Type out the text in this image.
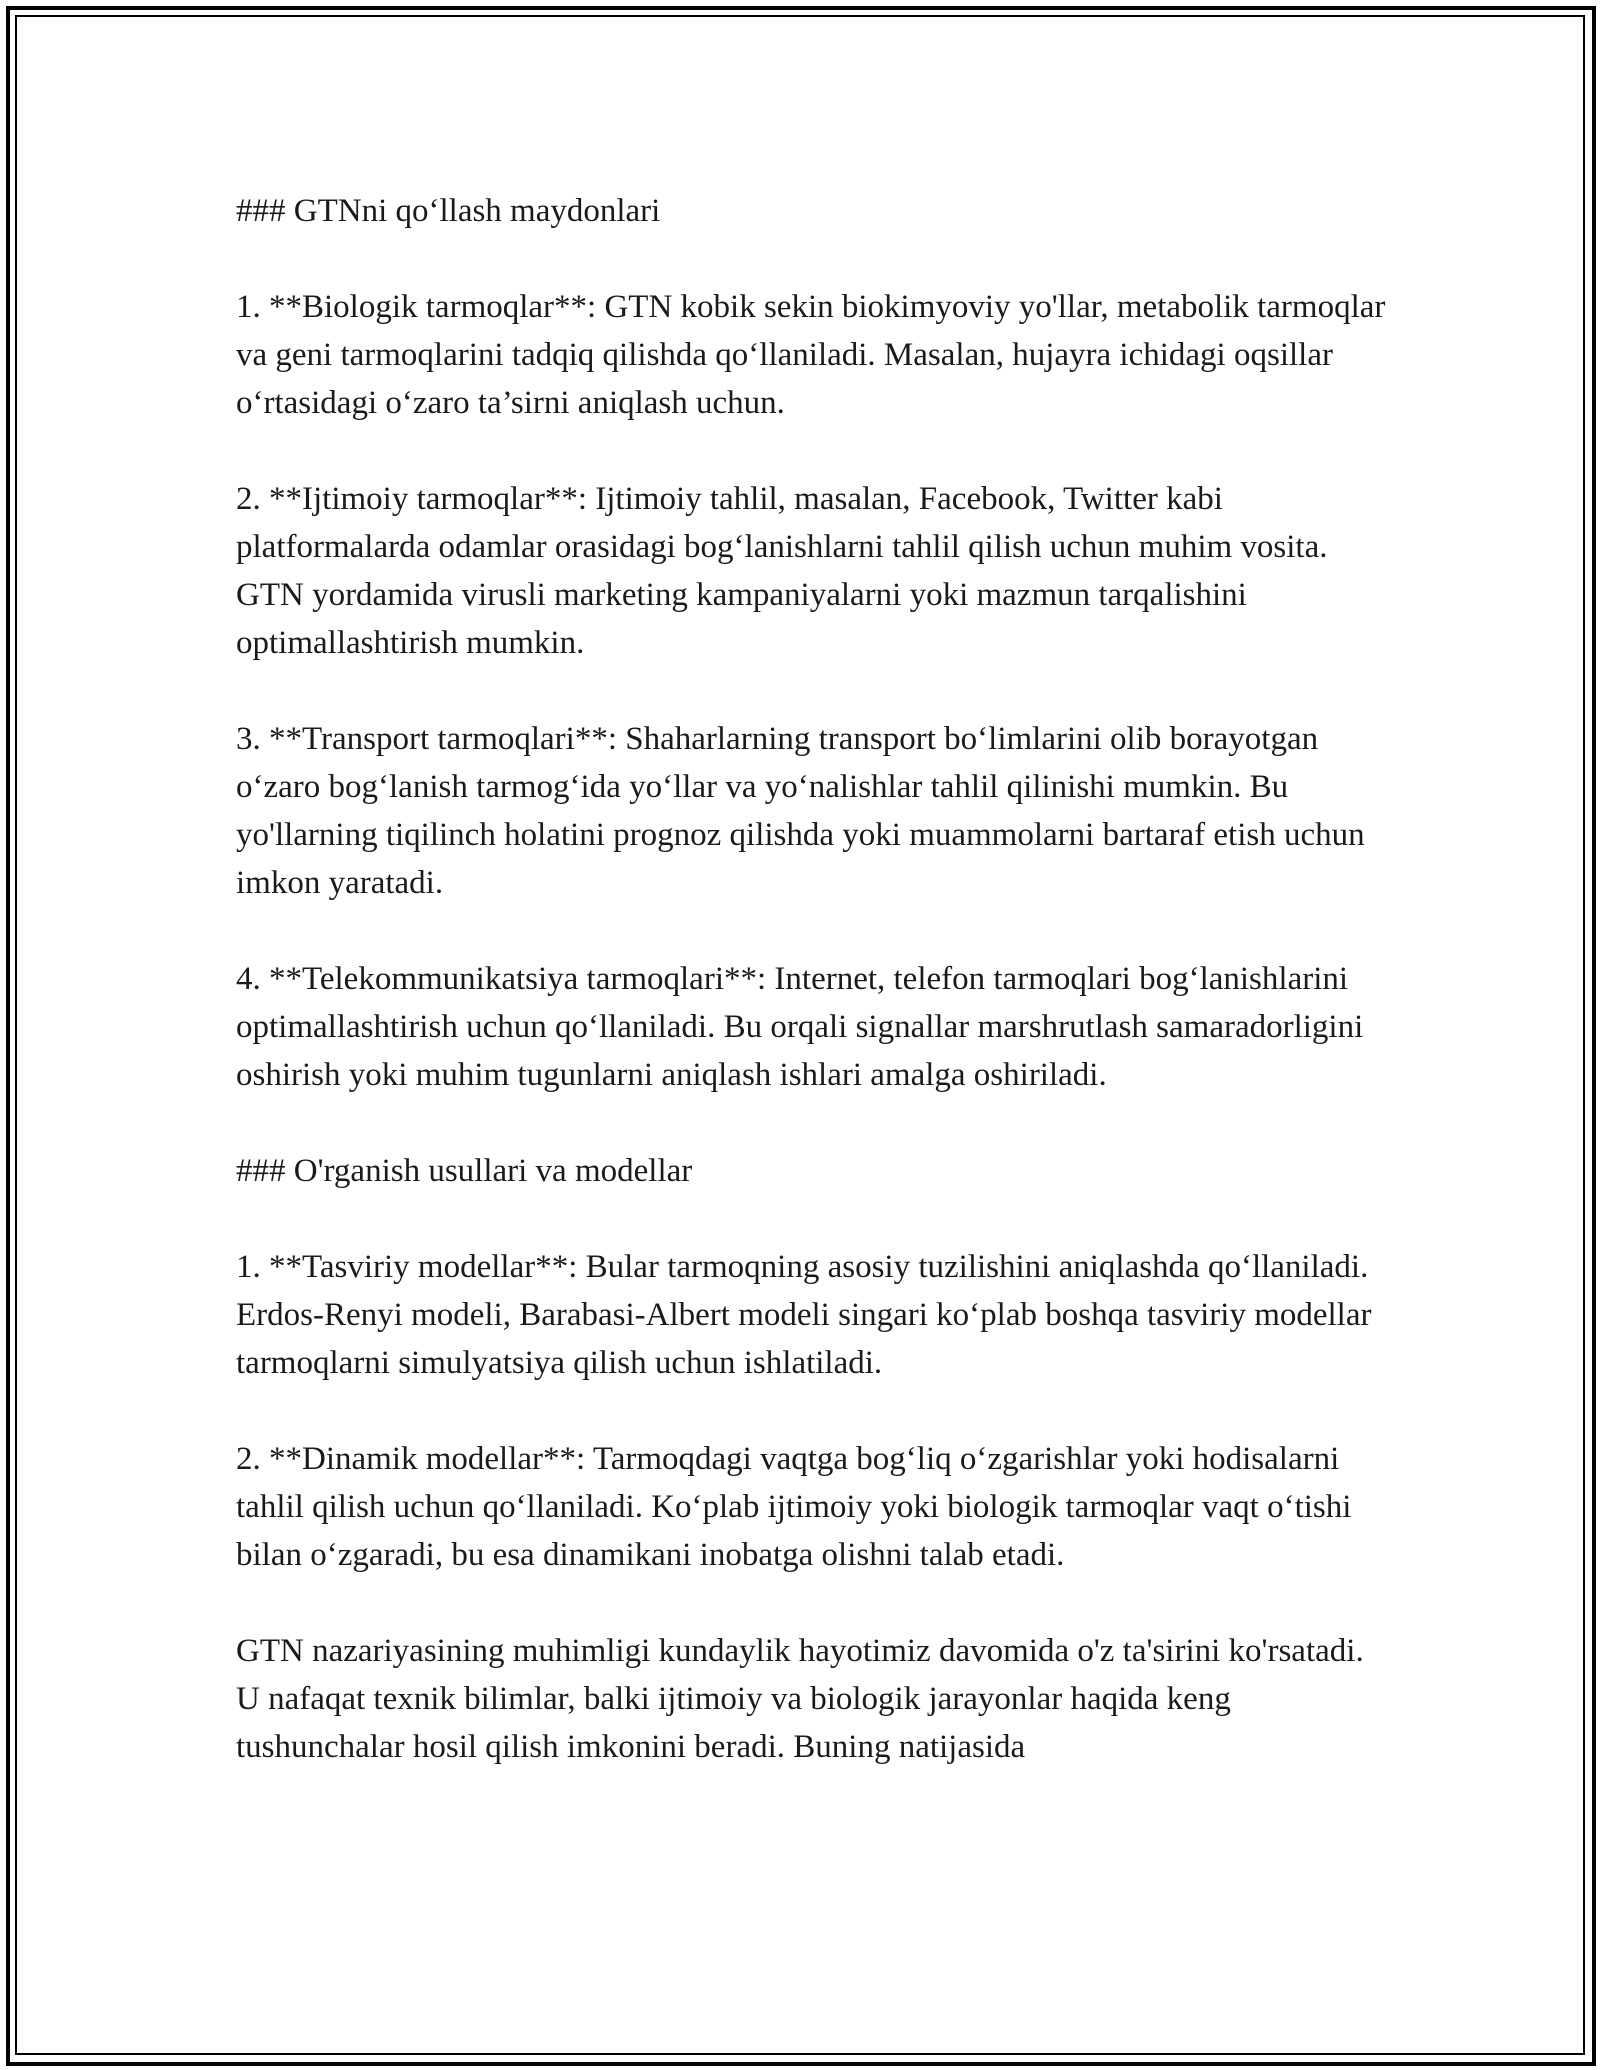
### GTNni qo‘llash maydonlari

1. **Biologik tarmoqlar**: GTN kobik sekin biokimyoviy yo'llar, metabolik tarmoqlar va geni tarmoqlarini tadqiq qilishda qo‘llaniladi. Masalan, hujayra ichidagi oqsillar o‘rtasidagi o‘zaro ta’sirni aniqlash uchun.

2. **Ijtimoiy tarmoqlar**: Ijtimoiy tahlil, masalan, Facebook, Twitter kabi platformalarda odamlar orasidagi bog‘lanishlarni tahlil qilish uchun muhim vosita. GTN yordamida virusli marketing kampaniyalarni yoki mazmun tarqalishini optimallashtirish mumkin.

3. **Transport tarmoqlari**: Shaharlarning transport bo‘limlarini olib borayotgan o‘zaro bog‘lanish tarmog‘ida yo‘llar va yo‘nalishlar tahlil qilinishi mumkin. Bu yo'llarning tiqilinch holatini prognoz qilishda yoki muammolarni bartaraf etish uchun imkon yaratadi.

4. **Telekommunikatsiya tarmoqlari**: Internet, telefon tarmoqlari bog‘lanishlarini optimallashtirish uchun qo‘llaniladi. Bu orqali signallar marshrutlash samaradorligini oshirish yoki muhim tugunlarni aniqlash ishlari amalga oshiriladi.

### O'rganish usullari va modellar

1. **Tasviriy modellar**: Bular tarmoqning asosiy tuzilishini aniqlashda qo‘llaniladi. Erdos-Renyi modeli, Barabasi-Albert modeli singari ko‘plab boshqa tasviriy modellar tarmoqlarni simulyatsiya qilish uchun ishlatiladi.

2. **Dinamik modellar**: Tarmoqdagi vaqtga bog‘liq o‘zgarishlar yoki hodisalarni tahlil qilish uchun qo‘llaniladi. Ko‘plab ijtimoiy yoki biologik tarmoqlar vaqt o‘tishi bilan o‘zgaradi, bu esa dinamikani inobatga olishni talab etadi.

GTN nazariyasining muhimligi kundaylik hayotimiz davomida o'z ta'sirini ko'rsatadi. U nafaqat texnik bilimlar, balki ijtimoiy va biologik jarayonlar haqida keng tushunchalar hosil qilish imkonini beradi. Buning natijasida
